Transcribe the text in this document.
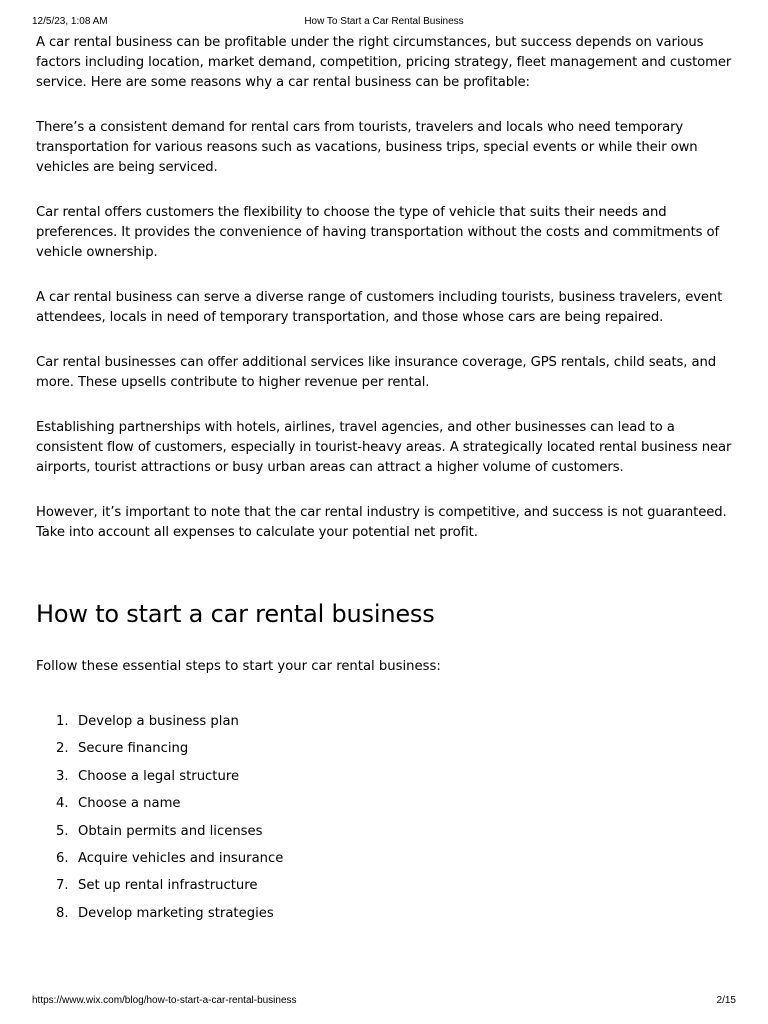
12/5/23, 1:08 AM	How To Start a Car Rental Business

A car rental business can be profitable under the right circumstances, but success depends on various factors including location, market demand, competition, pricing strategy, fleet management and customer service. Here are some reasons why a car rental business can be profitable:

There’s a consistent demand for rental cars from tourists, travelers and locals who need temporary transportation for various reasons such as vacations, business trips, special events or while their own vehicles are being serviced.

Car rental offers customers the flexibility to choose the type of vehicle that suits their needs and preferences. It provides the convenience of having transportation without the costs and commitments of vehicle ownership.

A car rental business can serve a diverse range of customers including tourists, business travelers, event attendees, locals in need of temporary transportation, and those whose cars are being repaired.

Car rental businesses can offer additional services like insurance coverage, GPS rentals, child seats, and more. These upsells contribute to higher revenue per rental.

Establishing partnerships with hotels, airlines, travel agencies, and other businesses can lead to a consistent flow of customers, especially in tourist-heavy areas. A strategically located rental business near airports, tourist attractions or busy urban areas can attract a higher volume of customers.

However, it’s important to note that the car rental industry is competitive, and success is not guaranteed. Take into account all expenses to calculate your potential net profit.

How to start a car rental business

Follow these essential steps to start your car rental business:

1. Develop a business plan
2. Secure financing
3. Choose a legal structure
4. Choose a name
5. Obtain permits and licenses
6. Acquire vehicles and insurance
7. Set up rental infrastructure
8. Develop marketing strategies
https://www.wix.com/blog/how-to-start-a-car-rental-business	2/15
